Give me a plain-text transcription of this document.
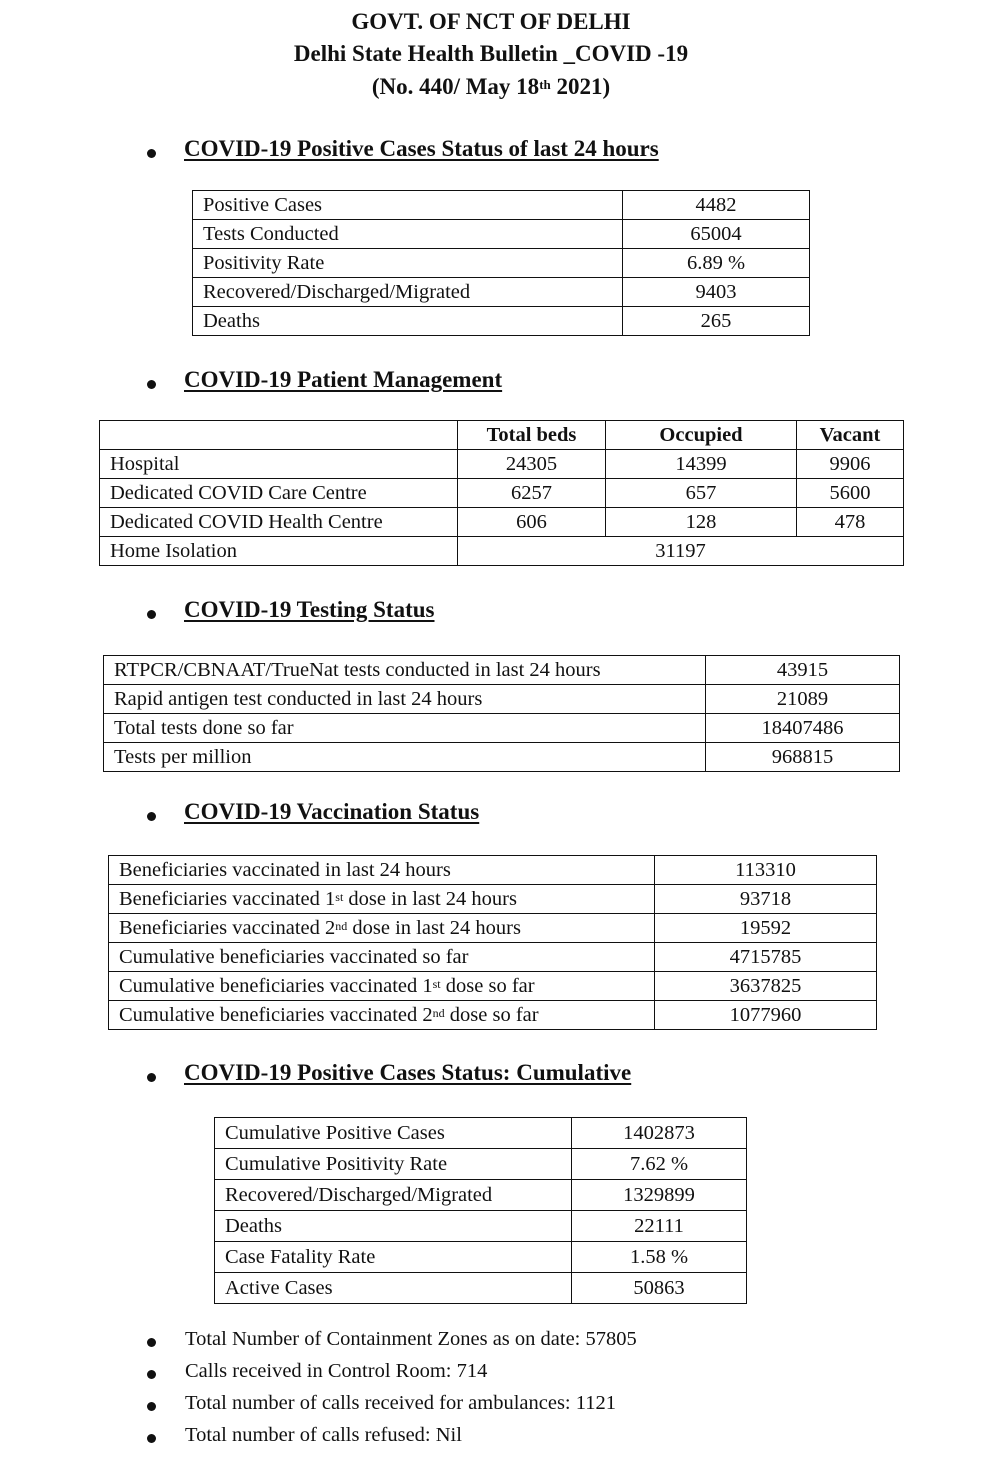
GOVT. OF NCT OF DELHI
Delhi State Health Bulletin _COVID -19
(No. 440/ May 18th 2021)
COVID-19 Positive Cases Status of last 24 hours
Positive Cases	4482
Tests Conducted	65004
Positivity Rate	6.89 %
Recovered/Discharged/Migrated	9403
Deaths	265
COVID-19 Patient Management
	Total beds	Occupied	Vacant
Hospital	24305	14399	9906
Dedicated COVID Care Centre	6257	657	5600
Dedicated COVID Health Centre	606	128	478
Home Isolation	31197		
COVID-19 Testing Status
RTPCR/CBNAAT/TrueNat tests conducted in last 24 hours	43915
Rapid antigen test conducted in last 24 hours	21089
Total tests done so far	18407486
Tests per million	968815
COVID-19 Vaccination Status
Beneficiaries vaccinated in last 24 hours	113310
Beneficiaries vaccinated 1st dose in last 24 hours	93718
Beneficiaries vaccinated 2nd dose in last 24 hours	19592
Cumulative beneficiaries vaccinated so far	4715785
Cumulative beneficiaries vaccinated 1st dose so far	3637825
Cumulative beneficiaries vaccinated 2nd dose so far	1077960
COVID-19 Positive Cases Status: Cumulative
Cumulative Positive Cases	1402873
Cumulative Positivity Rate	7.62 %
Recovered/Discharged/Migrated	1329899
Deaths	22111
Case Fatality Rate	1.58 %
Active Cases	50863
Total Number of Containment Zones as on date: 57805
Calls received in Control Room: 714
Total number of calls received for ambulances: 1121
Total number of calls refused: Nil
